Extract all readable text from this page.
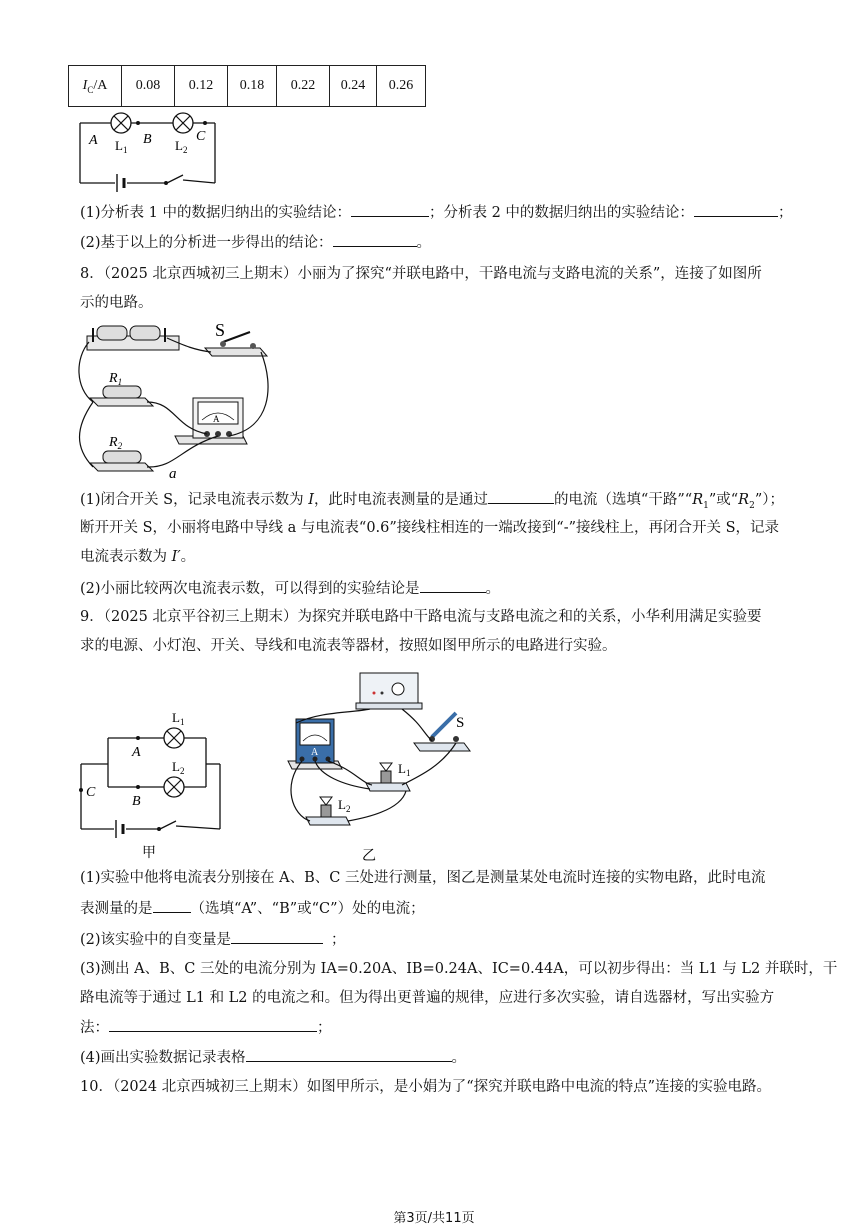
$I_C/A$	0.08	0.12	0.18	0.22	0.24	0.26
A	B	C
$L_1$	$L_2$
(1)分析表 1 中的数据归纳出的实验结论：	；分析表 2 中的数据归纳出的实验结论：	；
(2)基于以上的分析进一步得出的结论：	。
8．（2025 北京西城初三上期末）小丽为了探究“并联电路中，干路电流与支路电流的关系”，连接了如图所
示的电路。
S
$R_1$
$R_2$
A
a
(1)闭合开关 S，记录电流表示数为 I，此时电流表测量的是通过	的电流（选填“干路$”“R_1$”或“$R_2$”）；
断开开关 S，小丽将电路中导线 a 与电流表“0.6”接线柱相连的一端改接到“-”接线柱上，再闭合开关 S，记录
电流表示数为 I′。
(2)小丽比较两次电流表示数，可以得到的实验结论是	。
9．（2025 北京平谷初三上期末）为探究并联电路中干路电流与支路电流之和的关系，小华利用满足实验要
求的电源、小灯泡、开关、导线和电流表等器材，按照如图甲所示的电路进行实验。
A
B
C
$L_1$
$L_2$
甲
A
S
$L_1$
$L_2$
乙
(1)实验中他将电流表分别接在 A、B、C 三处进行测量，图乙是测量某处电流时连接的实物电路，此时电流
表测量的是	（选填“A”、“B”或“C”）处的电流；
(2)该实验中的自变量是	；
(3)测出 A、B、C 三处的电流分别为 IA=0.20A、IB=0.24A、IC=0.44A，可以初步得出：当 L1 与 L2 并联时，干
路电流等于通过 L1 和 L2 的电流之和。但为得出更普遍的规律，应进行多次实验，请自选器材，写出实验方
法：	；
(4)画出实验数据记录表格	。
10．（2024 北京西城初三上期末）如图甲所示，是小娟为了“探究并联电路中电流的特点”连接的实验电路。
第3页/共11页
